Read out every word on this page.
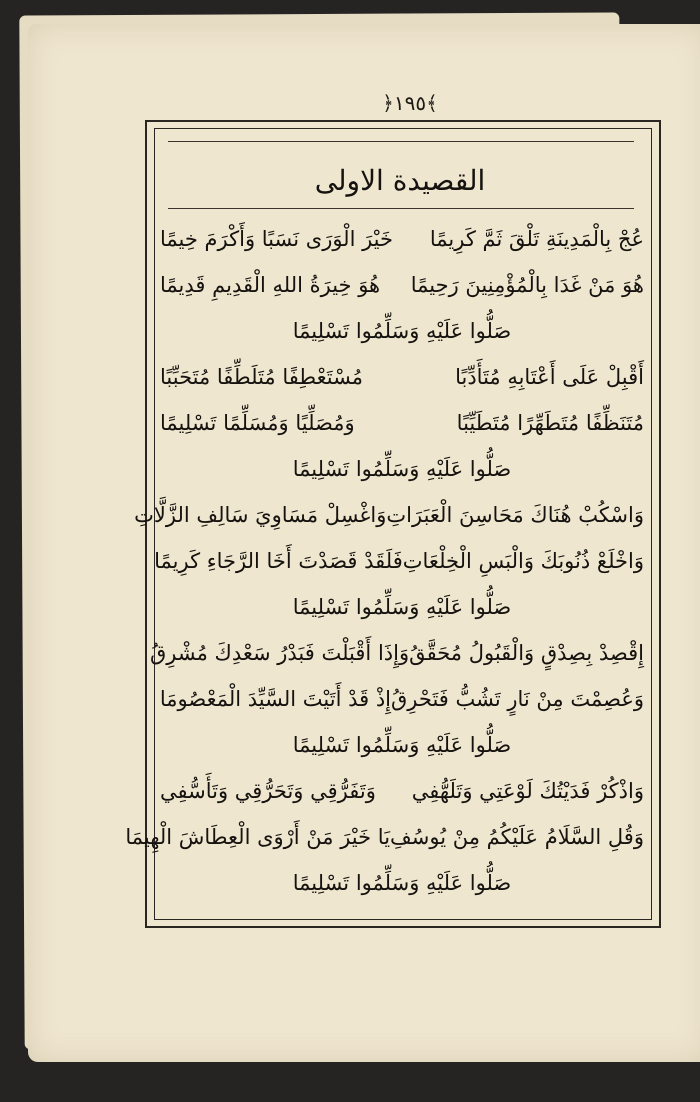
﴿١٩٥﴾
القصيدة الاولى
عُجْ بِالْمَدِينَةِ تَلْقَ ثَمَّ كَرِيمًا
خَيْرَ الْوَرَى نَسَبًا وَأَكْرَمَ خِيمًا
هُوَ مَنْ غَدَا بِالْمُؤْمِنِينَ رَحِيمًا
هُوَ خِيرَةُ اللهِ الْقَدِيمِ قَدِيمًا
صَلُّوا عَلَيْهِ وَسَلِّمُوا تَسْلِيمًا
أَقْبِلْ عَلَى أَعْتَابِهِ مُتَأَدِّبًا
مُسْتَعْطِفًا مُتَلَطِّفًا مُتَحَبِّبًا
مُتَنَظِّفًا مُتَطَهِّرًا مُتَطَيِّبًا
وَمُصَلِّيًا وَمُسَلِّمًا تَسْلِيمًا
صَلُّوا عَلَيْهِ وَسَلِّمُوا تَسْلِيمًا
وَاسْكُبْ هُنَاكَ مَحَاسِنَ الْعَبَرَاتِ
وَاغْسِلْ مَسَاوِيَ سَالِفِ الزَّلَّاتِ
وَاخْلَعْ ذُنُوبَكَ وَالْبَسِ الْخِلْعَاتِ
فَلَقَدْ قَصَدْتَ أَخَا الرَّجَاءِ كَرِيمًا
صَلُّوا عَلَيْهِ وَسَلِّمُوا تَسْلِيمًا
إِقْصِدْ بِصِدْقٍ وَالْقَبُولُ مُحَقَّقُ
وَإِذَا أَقْبَلْتَ فَبَدْرُ سَعْدِكَ مُشْرِقُ
وَعُصِمْتَ مِنْ نَارٍ تَشُبُّ فَتَحْرِقُ
إِذْ قَدْ أَتَيْتَ السَّيِّدَ الْمَعْصُومَا
صَلُّوا عَلَيْهِ وَسَلِّمُوا تَسْلِيمًا
وَاذْكُرْ فَدَيْتُكَ لَوْعَتِي وَتَلَهُّفِي
وَتَفَرُّقِي وَتَحَرُّقِي وَتَأَسُّفِي
وَقُلِ السَّلَامُ عَلَيْكُمُ مِنْ يُوسُفِ
يَا خَيْرَ مَنْ أَرْوَى الْعِطَاشَ الْهِيمَا
صَلُّوا عَلَيْهِ وَسَلِّمُوا تَسْلِيمًا
